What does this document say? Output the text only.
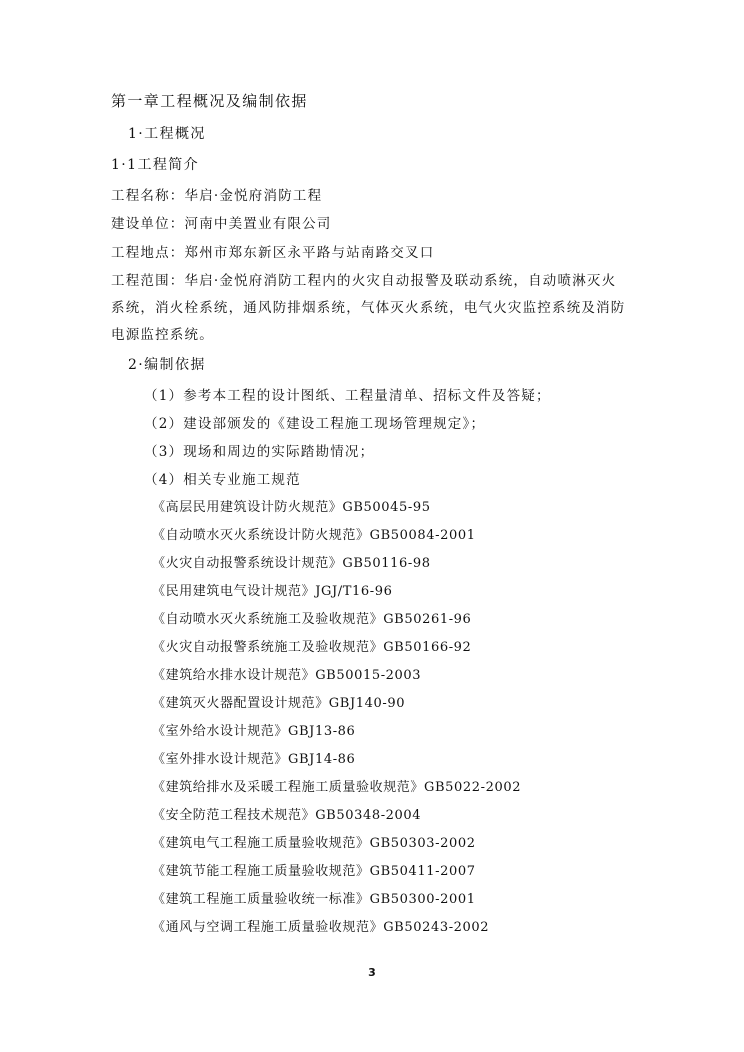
第一章工程概况及编制依据
1·工程概况
1·1工程简介
工程名称：华启·金悦府消防工程
建设单位：河南中美置业有限公司
工程地点：郑州市郑东新区永平路与站南路交叉口
工程范围：华启·金悦府消防工程内的火灾自动报警及联动系统，自动喷淋灭火
系统，消火栓系统，通风防排烟系统，气体灭火系统，电气火灾监控系统及消防
电源监控系统。
2·编制依据
（1）参考本工程的设计图纸、工程量清单、招标文件及答疑；
（2）建设部颁发的《建设工程施工现场管理规定》；
（3）现场和周边的实际踏勘情况；
（4）相关专业施工规范
《高层民用建筑设计防火规范》GB50045-95
《自动喷水灭火系统设计防火规范》GB50084-2001
《火灾自动报警系统设计规范》GB50116-98
《民用建筑电气设计规范》JGJ/T16-96
《自动喷水灭火系统施工及验收规范》GB50261-96
《火灾自动报警系统施工及验收规范》GB50166-92
《建筑给水排水设计规范》GB50015-2003
《建筑灭火器配置设计规范》GBJ140-90
《室外给水设计规范》GBJ13-86
《室外排水设计规范》GBJ14-86
《建筑给排水及采暖工程施工质量验收规范》GB5022-2002
《安全防范工程技术规范》GB50348-2004
《建筑电气工程施工质量验收规范》GB50303-2002
《建筑节能工程施工质量验收规范》GB50411-2007
《建筑工程施工质量验收统一标准》GB50300-2001
《通风与空调工程施工质量验收规范》GB50243-2002
3
